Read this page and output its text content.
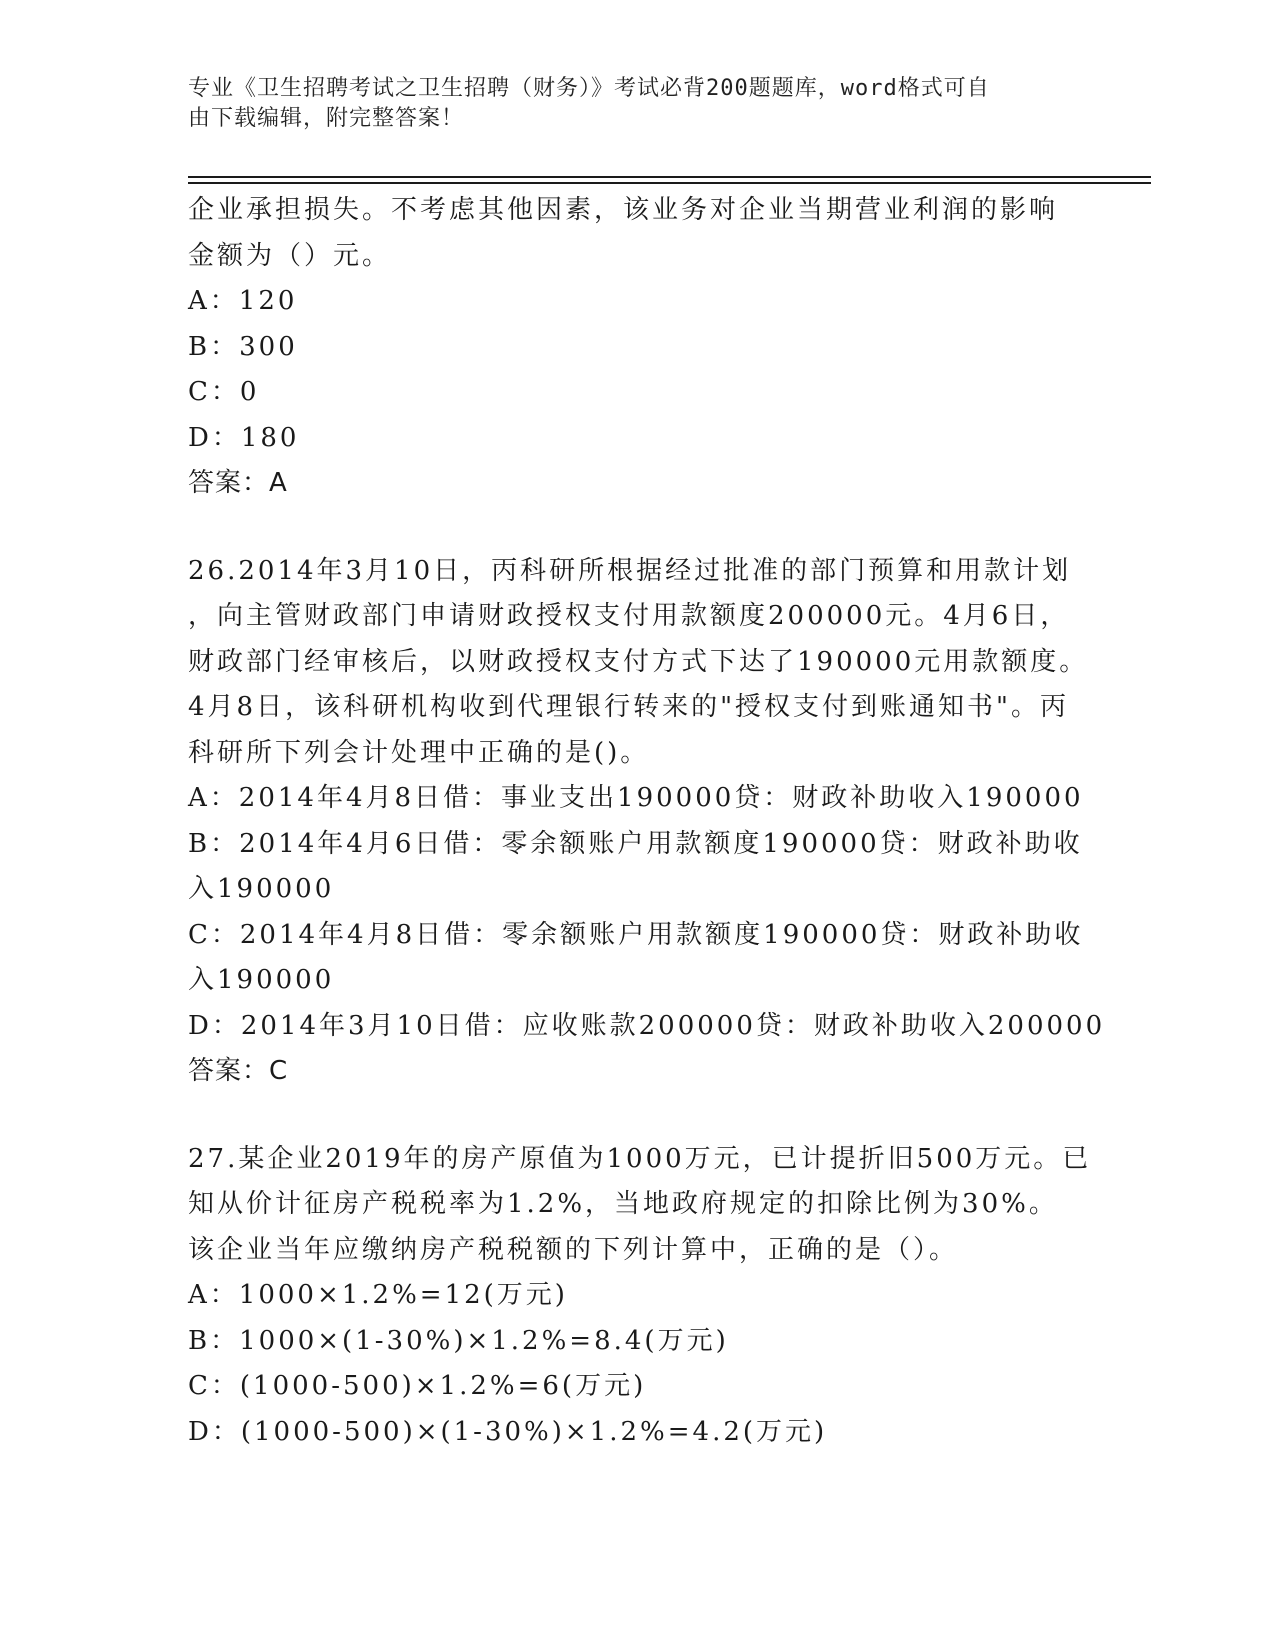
专业《卫生招聘考试之卫生招聘（财务）》考试必背200题题库，word格式可自
由下载编辑，附完整答案！
企业承担损失。不考虑其他因素，该业务对企业当期营业利润的影响
金额为（）元。
A：120
B：300
C：0
D：180
答案：A
26.2014年3月10日，丙科研所根据经过批准的部门预算和用款计划
，向主管财政部门申请财政授权支付用款额度200000元。4月6日，
财政部门经审核后，以财政授权支付方式下达了190000元用款额度。
4月8日，该科研机构收到代理银行转来的"授权支付到账通知书"。丙
科研所下列会计处理中正确的是()。
A：2014年4月8日借：事业支出190000贷：财政补助收入190000
B：2014年4月6日借：零余额账户用款额度190000贷：财政补助收
入190000
C：2014年4月8日借：零余额账户用款额度190000贷：财政补助收
入190000
D：2014年3月10日借：应收账款200000贷：财政补助收入200000
答案：C
27.某企业2019年的房产原值为1000万元，已计提折旧500万元。已
知从价计征房产税税率为1.2%，当地政府规定的扣除比例为30%。
该企业当年应缴纳房产税税额的下列计算中，正确的是（）。
A：1000×1.2%=12(万元)
B：1000×(1-30%)×1.2%=8.4(万元)
C：(1000-500)×1.2%=6(万元)
D：(1000-500)×(1-30%)×1.2%=4.2(万元)
